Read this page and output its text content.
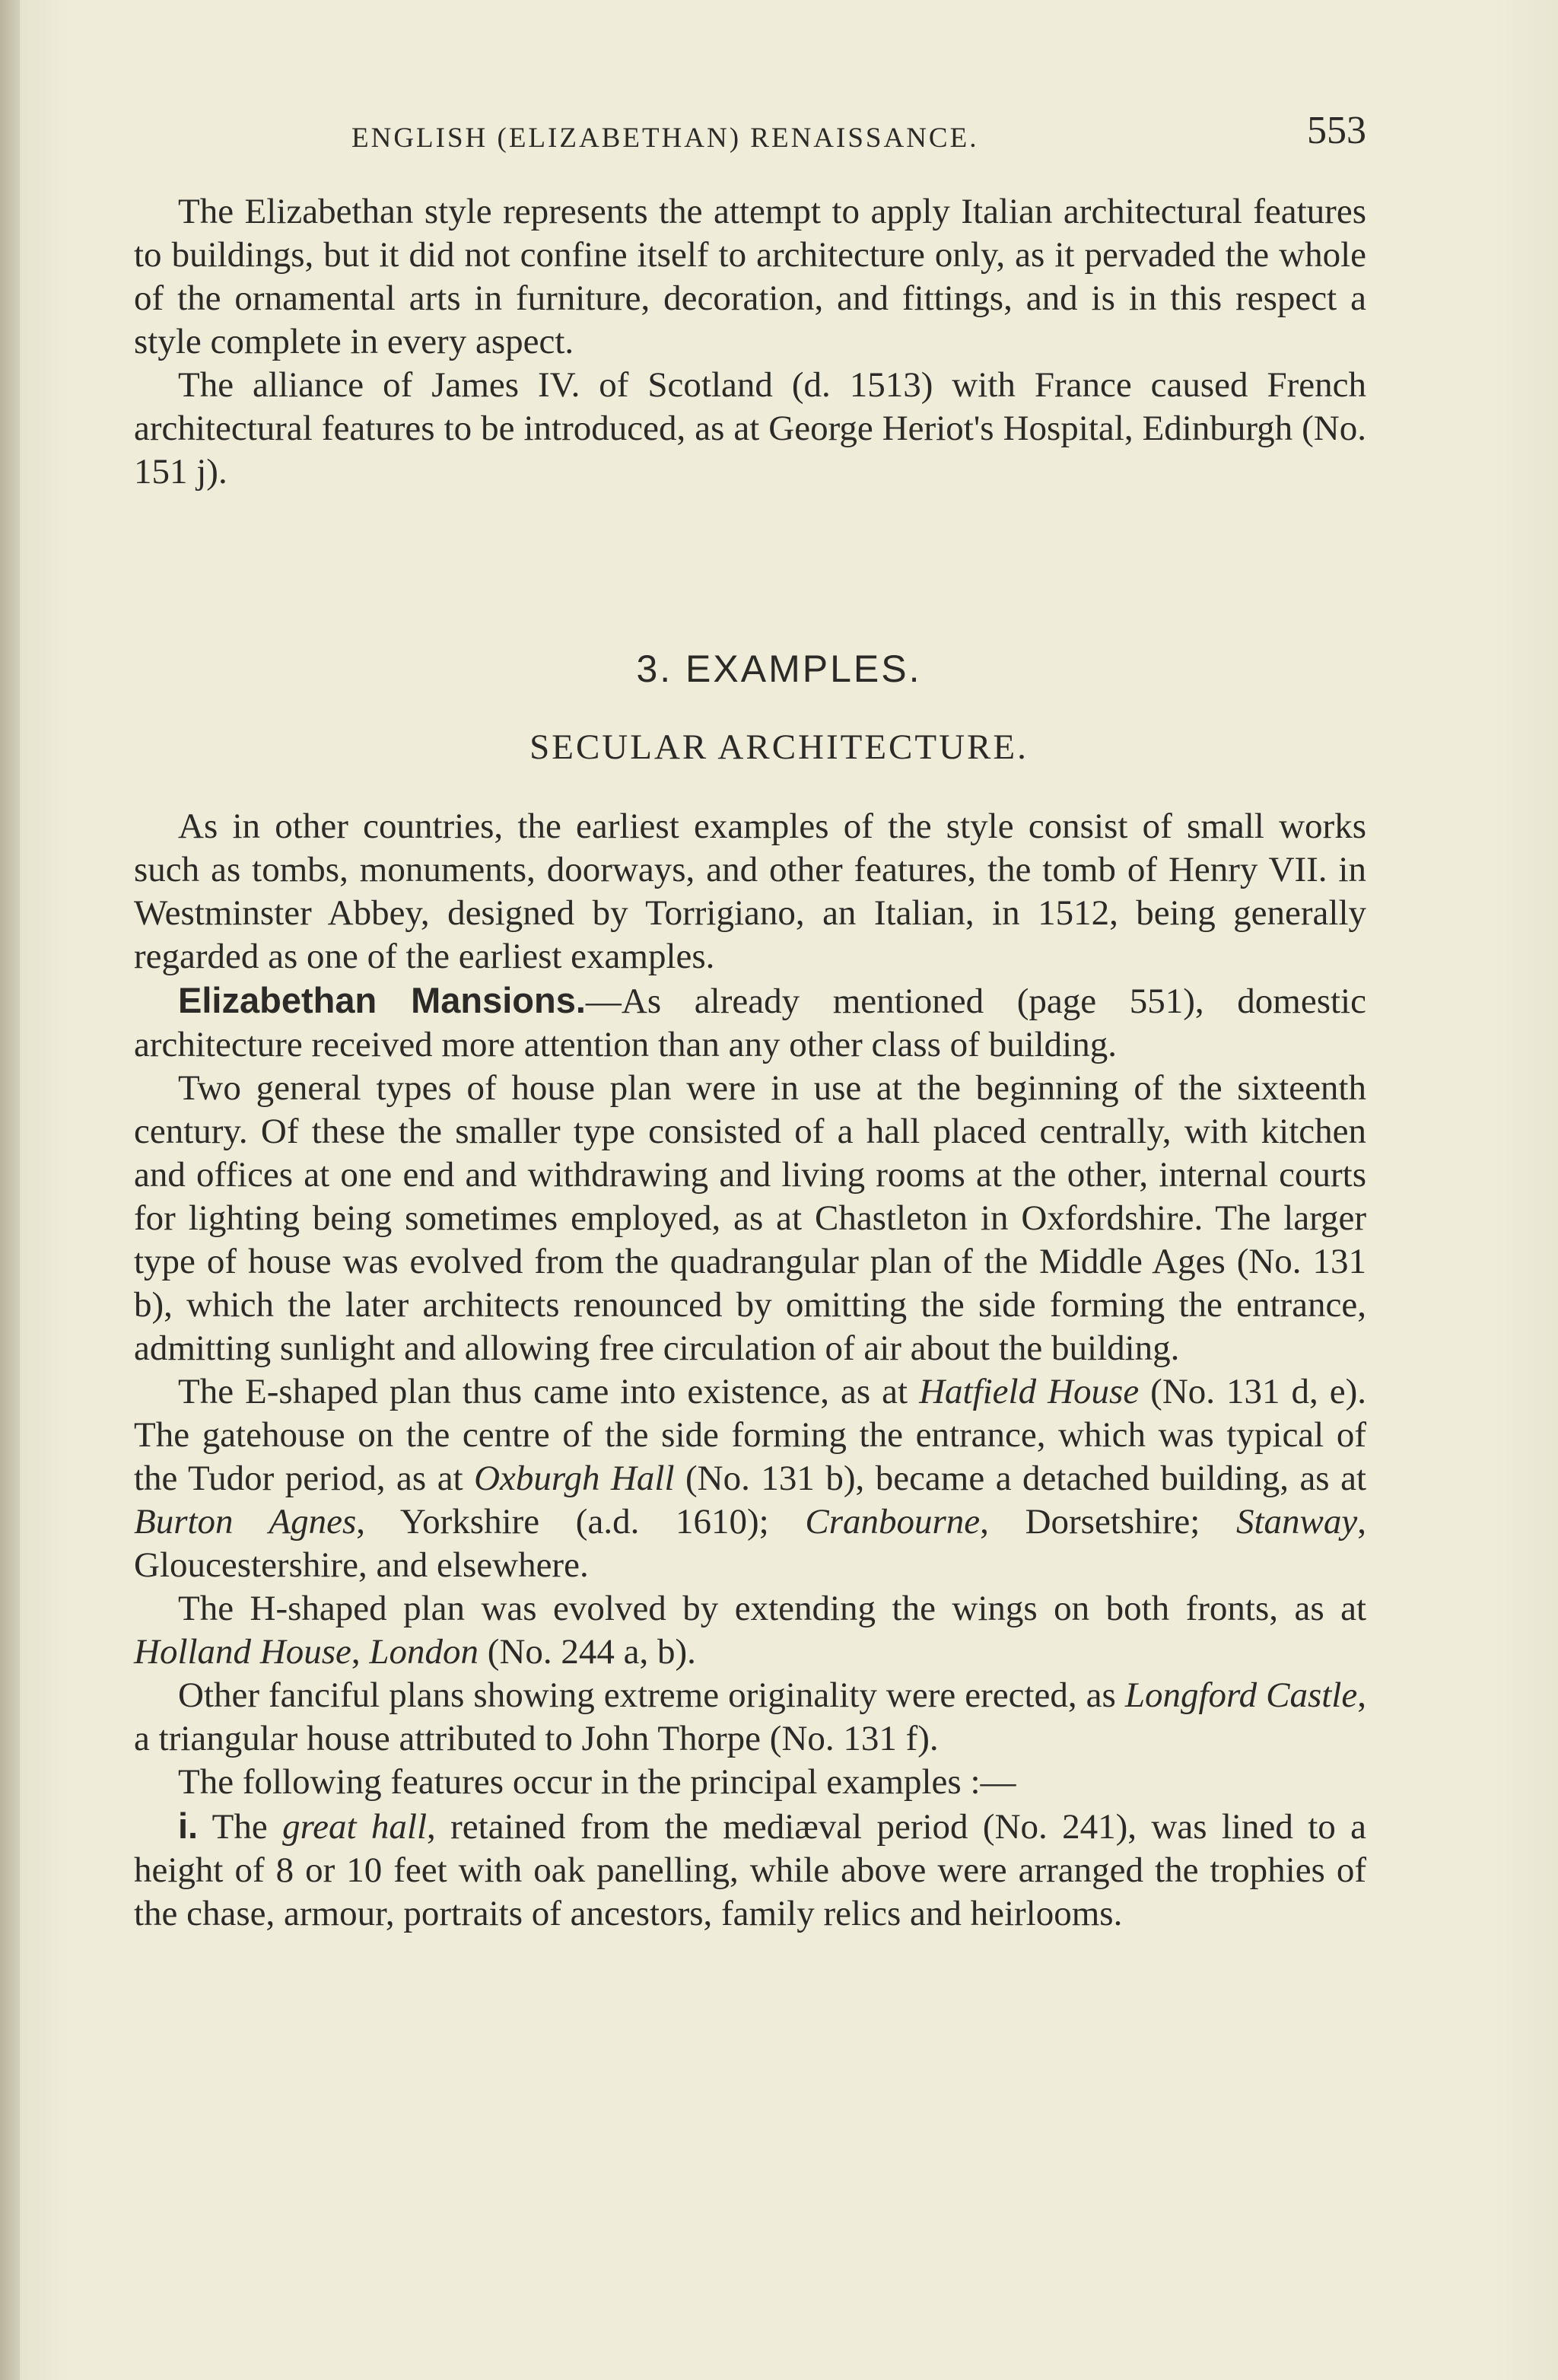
ENGLISH (ELIZABETHAN) RENAISSANCE.	553

The Elizabethan style represents the attempt to apply Italian architectural features to buildings, but it did not confine itself to architecture only, as it pervaded the whole of the ornamental arts in furniture, decoration, and fittings, and is in this respect a style complete in every aspect.

The alliance of James IV. of Scotland (d. 1513) with France caused French architectural features to be introduced, as at George Heriot's Hospital, Edinburgh (No. 151 j).

3. EXAMPLES.
SECULAR ARCHITECTURE.

As in other countries, the earliest examples of the style consist of small works such as tombs, monuments, doorways, and other features, the tomb of Henry VII. in Westminster Abbey, designed by Torrigiano, an Italian, in 1512, being generally regarded as one of the earliest examples.

Elizabethan Mansions.—As already mentioned (page 551), domestic architecture received more attention than any other class of building.

Two general types of house plan were in use at the beginning of the sixteenth century. Of these the smaller type consisted of a hall placed centrally, with kitchen and offices at one end and withdrawing and living rooms at the other, internal courts for lighting being sometimes employed, as at Chastleton in Oxfordshire. The larger type of house was evolved from the quadrangular plan of the Middle Ages (No. 131 b), which the later architects renounced by omitting the side forming the entrance, admitting sunlight and allowing free circulation of air about the building.

The E-shaped plan thus came into existence, as at Hatfield House (No. 131 d, e). The gatehouse on the centre of the side forming the entrance, which was typical of the Tudor period, as at Oxburgh Hall (No. 131 b), became a detached building, as at Burton Agnes, Yorkshire (a.d. 1610); Cranbourne, Dorsetshire; Stanway, Gloucestershire, and elsewhere.

The H-shaped plan was evolved by extending the wings on both fronts, as at Holland House, London (No. 244 a, b).

Other fanciful plans showing extreme originality were erected, as Longford Castle, a triangular house attributed to John Thorpe (No. 131 f).

The following features occur in the principal examples :—

i. The great hall, retained from the mediæval period (No. 241), was lined to a height of 8 or 10 feet with oak panelling, while above were arranged the trophies of the chase, armour, portraits of ancestors, family relics and heirlooms.
